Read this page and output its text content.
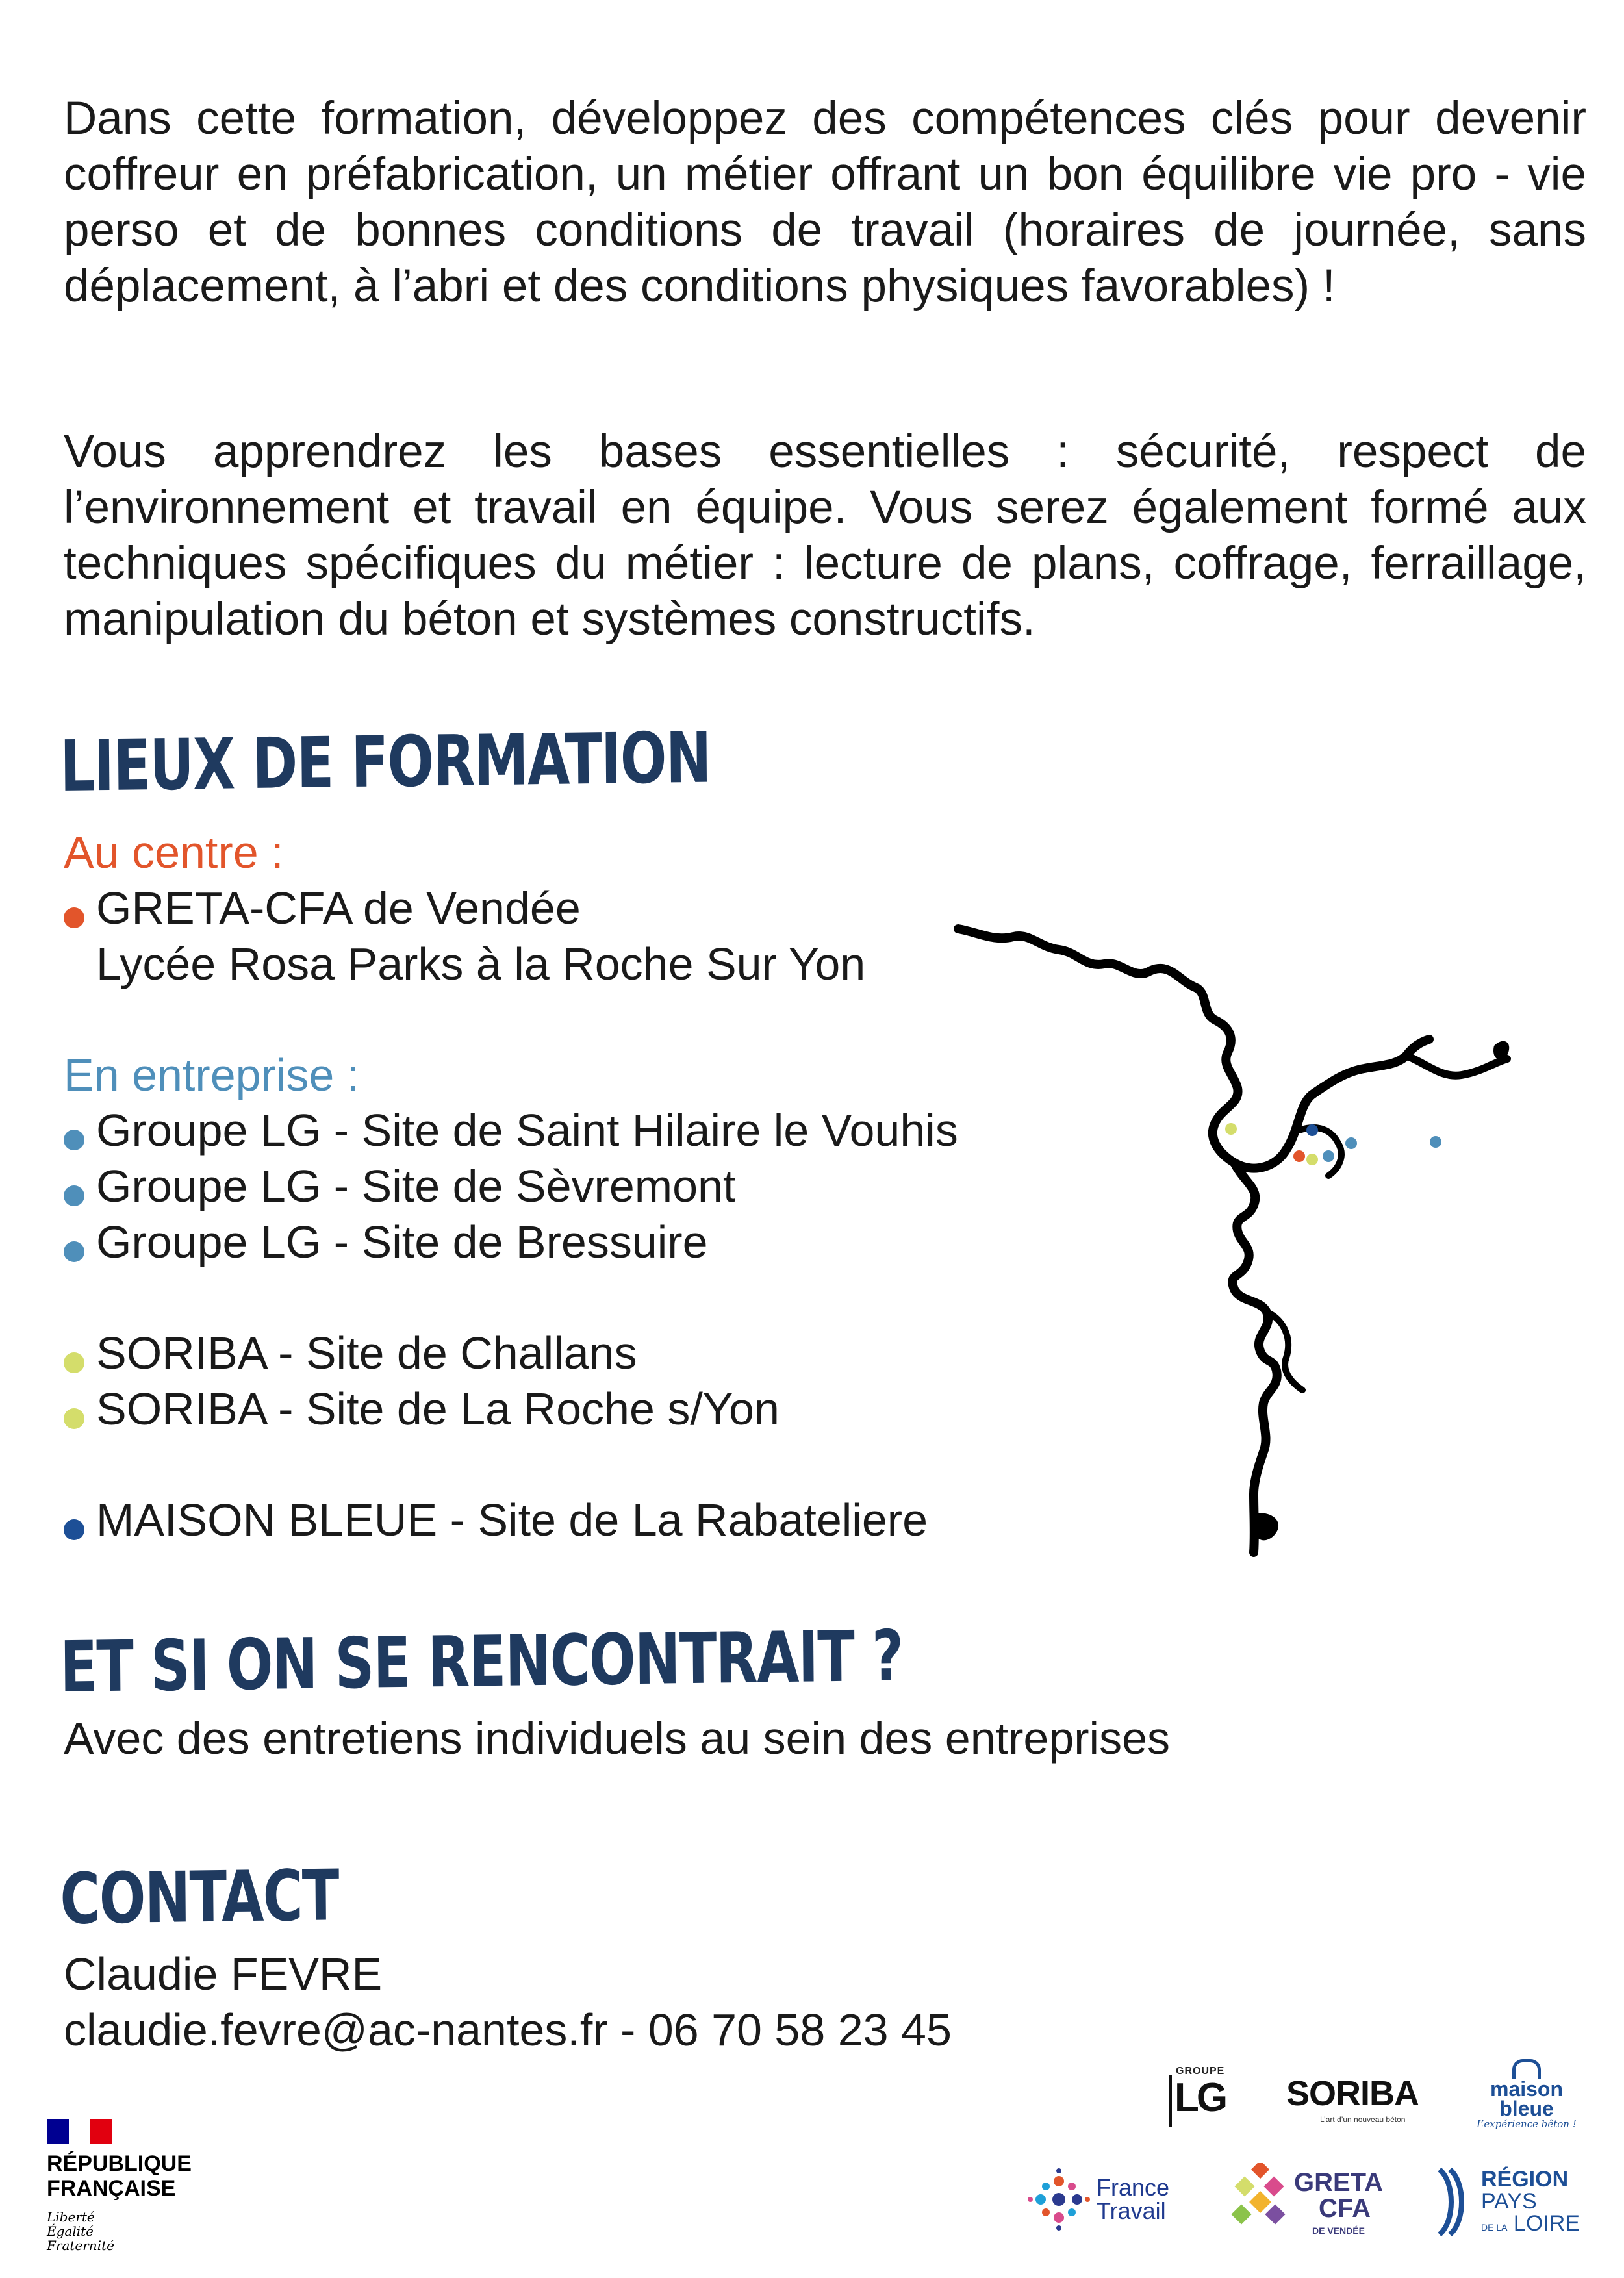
Dans cette formation, développez des compétences clés pour devenir coffreur en préfabrication, un métier offrant un bon équilibre vie pro - vie perso et de bonnes conditions de travail (horaires de journée, sans déplacement, à l’abri et des conditions physiques favorables) !

Vous apprendrez les bases essentielles : sécurité, respect de l’environnement et travail en équipe. Vous serez également formé aux techniques spécifiques du métier : lecture de plans, coffrage, ferraillage, manipulation du béton et systèmes constructifs.

LIEUX DE FORMATION

Au centre :

GRETA-CFA de Vendée

Lycée Rosa Parks à la Roche Sur Yon

En entreprise :

Groupe LG - Site de Saint Hilaire le Vouhis

Groupe LG - Site de Sèvremont

Groupe LG - Site de Bressuire

SORIBA - Site de Challans

SORIBA - Site de La Roche s/Yon

MAISON BLEUE - Site de La Rabateliere

ET SI ON SE RENCONTRAIT ?

Avec des entretiens individuels au sein des entreprises

CONTACT

Claudie FEVRE

claudie.fevre@ac-nantes.fr - 06 70 58 23 45

RÉPUBLIQUE
FRANÇAISE
Liberté
Égalité
Fraternité
GROUPE
LG SORIBA
L’art d’un nouveau béton
maison
bleue
L’expérience bêton !
France
Travail
GRETA
CFA
DE VENDÉE
RÉGION
PAYS
DE LA LOIRE
